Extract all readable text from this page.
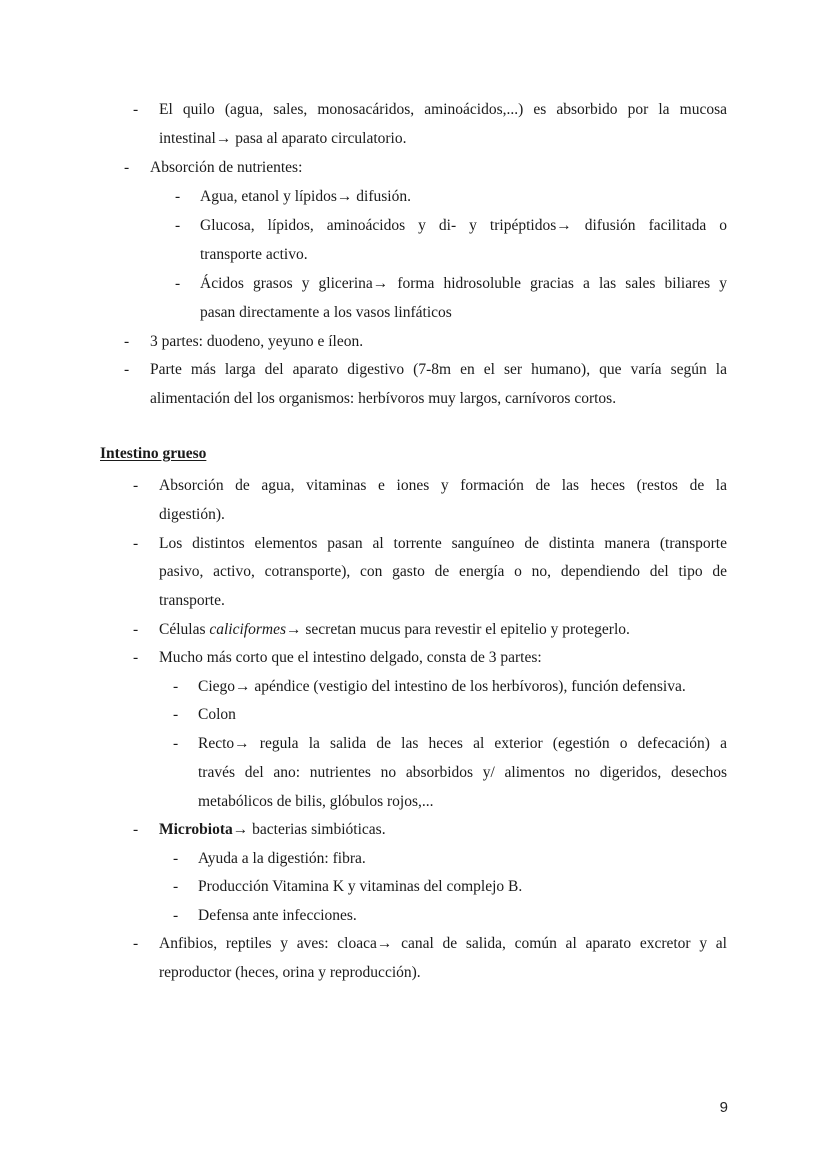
- El quilo (agua, sales, monosacáridos, aminoácidos,...) es absorbido por la mucosa
intestinal→ pasa al aparato circulatorio.
- Absorción de nutrientes:
- Agua, etanol y lípidos→ difusión.
- Glucosa, lípidos, aminoácidos y di- y tripéptidos→ difusión facilitada o
transporte activo.
- Ácidos grasos y glicerina→ forma hidrosoluble gracias a las sales biliares y
pasan directamente a los vasos linfáticos
- 3 partes: duodeno, yeyuno e íleon.
- Parte más larga del aparato digestivo (7-8m en el ser humano), que varía según la
alimentación del los organismos: herbívoros muy largos, carnívoros cortos.
Intestino grueso
- Absorción de agua, vitaminas e iones y formación de las heces (restos de la
digestión).
- Los distintos elementos pasan al torrente sanguíneo de distinta manera (transporte
pasivo, activo, cotransporte), con gasto de energía o no, dependiendo del tipo de
transporte.
- Células caliciformes→ secretan mucus para revestir el epitelio y protegerlo.
- Mucho más corto que el intestino delgado, consta de 3 partes:
- Ciego→ apéndice (vestigio del intestino de los herbívoros), función defensiva.
- Colon
- Recto→ regula la salida de las heces al exterior (egestión o defecación) a
través del ano: nutrientes no absorbidos y/ alimentos no digeridos, desechos
metabólicos de bilis, glóbulos rojos,...
- Microbiota→ bacterias simbióticas.
- Ayuda a la digestión: fibra.
- Producción Vitamina K y vitaminas del complejo B.
- Defensa ante infecciones.
- Anfibios, reptiles y aves: cloaca→ canal de salida, común al aparato excretor y al
reproductor (heces, orina y reproducción).
9
